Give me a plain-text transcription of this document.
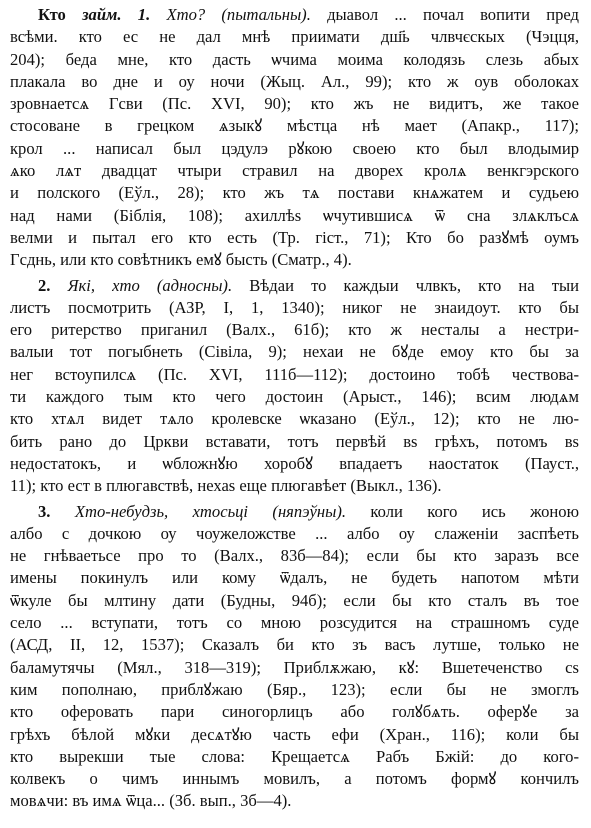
Кто займ. 1. Хто? (пытальны). дыавол ... почал вопити пред
всѣми. кто ес не дал мнѣ приимати дш҃ь члвчєскых (Чэцця,
204); беда мне, кто дасть ѡчима моима колодязь слезь абых
плакала во дне и оу ночи (Жыц. Ал., 99); кто ж оув оболоках
зровнаетсѧ Гсви (Пс. XVI, 90); кто жъ не видитъ, же такое
стосоване в грецком ѧзыкꙋ мѣстца нѣ мает (Апакр., 117);
крол ... написал был цэдулэ рꙋкою своею кто был влодымир
ѧко лѧт двадцат чтыри стравил на дворех кролѧ венкгэрского
и полского (Еўл., 28); кто жъ тѧ постави кнѧжатем и судьею
над нами (Біблія, 108); ахиллѣѕ ѡчутившисѧ ѿ сна злѧклъсѧ
велми и пытал его кто есть (Тр. гіст., 71); Кто бо разꙋмѣ оумъ
Гсднь, или кто совѣтникъ емꙋ бысть (Сматр., 4).
2. Які, хто (адносны). Вѣдаи то каждыи члвкъ, кто на тыи
листъ посмотрить (АЗР, I, 1, 1340); никог не знаидоут. кто бы
его ритерство приганил (Валх., 61б); кто ж несталы а нестри-
валыи тот погыбнеть (Сівіла, 9); нехаи не бꙋде емоу кто бы за
нег встоупилсѧ (Пс. XVI, 111б—112); достоино тобѣ чествова-
ти каждого тым кто чего достоин (Арыст., 146); всим людѧм
кто хтѧл видет тѧло кролевске ѡказано (Еўл., 12); кто не лю-
бить рано до Цркви вставати, тотъ первѣй вѕ грѣхъ, потомъ вѕ
недостатокъ, и ѡбложнꙋю хоробꙋ впадаетъ наостаток (Пауст.,
11); кто ест в плюгавствѣ, нехаѕ еще плюгавѣет (Выкл., 136).
3. Хто-небудзь, хтосьці (няпэўны). коли кого ись жоною
албо с дочкою оу чоужеложстве ... албо оу слаженіи заспѣеть
не гнѣваетьсе про то (Валх., 83б—84); если бы кто заразъ все
имены покинулъ или кому ѿдалъ, не будеть напотом мѣти
ѿкуле бы млтину дати (Будны, 94б); если бы кто сталъ въ тое
село ... вступати, тотъ со мною розсудится на страшномъ суде
(АСД, II, 12, 1537); Сказалъ би кто зъ васъ лутше, только не
баламутячы (Мял., 318—319); Приблѫжаю, кꙋ: Вшетеченство сѕ
ким пополнаю, приблꙋжаю (Бяр., 123); если бы не змоглъ
кто оферовать пари синогорлицъ або голꙋбѧть. оферꙋе за
грѣхъ бѣлой мꙋки десѧтꙋю часть ефи (Хран., 116); коли бы
кто вырекши тые слова: Крещаетсѧ Рабъ Бжій: до кого-
колвекъ о чимъ иннымъ мовилъ, а потомъ формꙋ кончилъ
мовѧчи: въ имѧ ѿца... (Зб. вып., 3б—4).
